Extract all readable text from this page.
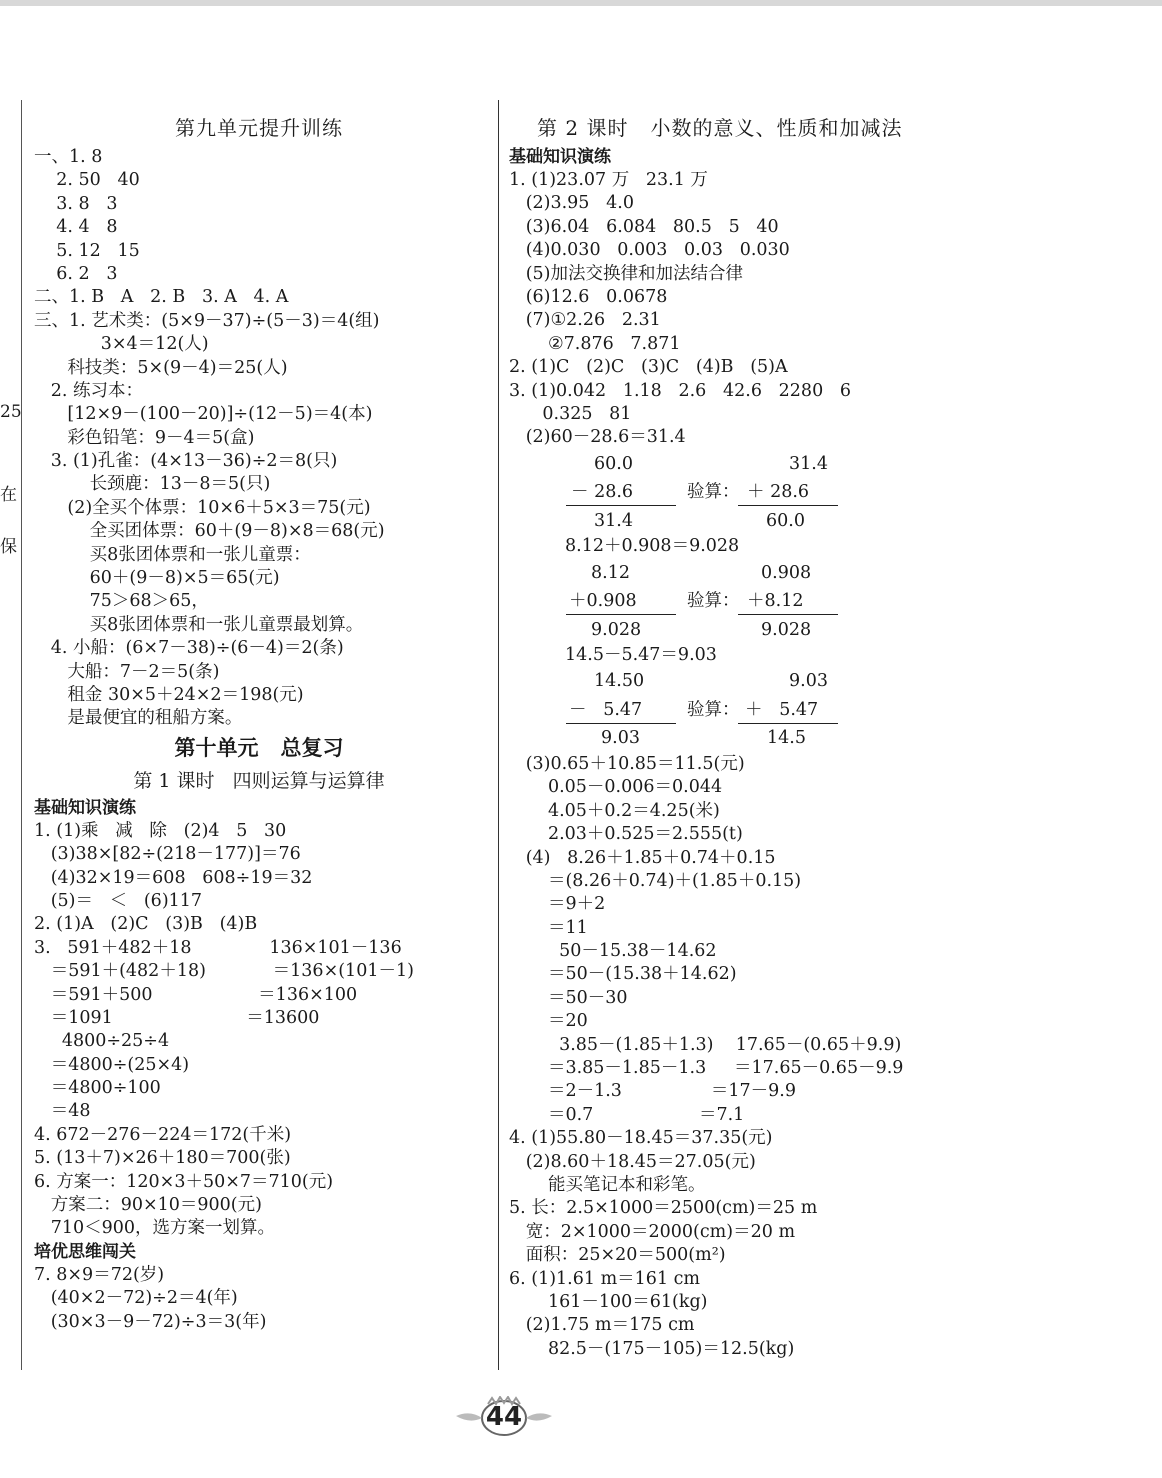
25
在
保
第九单元提升训练
一、1. 8
2. 50   40
3. 8   3
4. 4   8
5. 12   15
6. 2   3
二、1. B   A   2. B   3. A   4. A
三、1. 艺术类：(5×9－37)÷(5－3)＝4(组)
3×4＝12(人)
科技类：5×(9－4)＝25(人)
2. 练习本：
[12×9－(100－20)]÷(12－5)＝4(本)
彩色铅笔：9－4＝5(盒)
3. (1)孔雀：(4×13－36)÷2＝8(只)
长颈鹿：13－8＝5(只)
(2)全买个体票：10×6＋5×3＝75(元)
全买团体票：60＋(9－8)×8＝68(元)
买8张团体票和一张儿童票：
60＋(9－8)×5＝65(元)
75＞68＞65，
买8张团体票和一张儿童票最划算。
4. 小船：(6×7－38)÷(6－4)＝2(条)
大船：7－2＝5(条)
租金 30×5＋24×2＝198(元)
是最便宜的租船方案。
第十单元   总复习
第 1 课时   四则运算与运算律
基础知识演练
1. (1)乘   减   除   (2)4   5   30
(3)38×[82÷(218－177)]＝76
(4)32×19＝608   608÷19＝32
(5)＝   ＜   (6)117
2. (1)A   (2)C   (3)B   (4)B
3.   591＋482＋18              136×101－136
＝591＋(482＋18)            ＝136×(101－1)
＝591＋500                   ＝136×100
＝1091                        ＝13600
4800÷25÷4
＝4800÷(25×4)
＝4800÷100
＝48
4. 672－276－224＝172(千米)
5. (13＋7)×26＋180＝700(张)
6. 方案一：120×3＋50×7＝710(元)
方案二：90×10＝900(元)
710＜900，选方案一划算。
培优思维闯关
7. 8×9＝72(岁)
(40×2－72)÷2＝4(年)
(30×3－9－72)÷3＝3(年)
第 2 课时   小数的意义、性质和加减法
基础知识演练
1. (1)23.07 万   23.1 万
(2)3.95   4.0
(3)6.04   6.084   80.5   5   40
(4)0.030   0.003   0.03   0.030
(5)加法交换律和加法结合律
(6)12.6   0.0678
(7)①2.26   2.31
②7.876   7.871
2. (1)C   (2)C   (3)C   (4)B   (5)A
3. (1)0.042   1.18   2.6   42.6   2280   6
0.325   81
(2)60－28.6＝31.4
60.0	31.4
－ 28.6	验算： ＋ 28.6
31.4	60.0
8.12＋0.908＝9.028
8.12	0.908
＋0.908	验算： ＋8.12
9.028	9.028
14.5－5.47＝9.03
14.50	9.03
－   5.47	验算： ＋   5.47
9.03	14.5
(3)0.65＋10.85＝11.5(元)
0.05－0.006＝0.044
4.05＋0.2＝4.25(米)
2.03＋0.525＝2.555(t)
(4)   8.26＋1.85＋0.74＋0.15
＝(8.26＋0.74)＋(1.85＋0.15)
＝9＋2
＝11
50－15.38－14.62
＝50－(15.38＋14.62)
＝50－30
＝20
3.85－(1.85＋1.3)    17.65－(0.65＋9.9)
＝3.85－1.85－1.3     ＝17.65－0.65－9.9
＝2－1.3                ＝17－9.9
＝0.7                   ＝7.1
4. (1)55.80－18.45＝37.35(元)
(2)8.60＋18.45＝27.05(元)
能买笔记本和彩笔。
5. 长：2.5×1000＝2500(cm)＝25 m
宽：2×1000＝2000(cm)＝20 m
面积：25×20＝500(m²)
6. (1)1.61 m＝161 cm
161－100＝61(kg)
(2)1.75 m＝175 cm
82.5－(175－105)＝12.5(kg)
44
